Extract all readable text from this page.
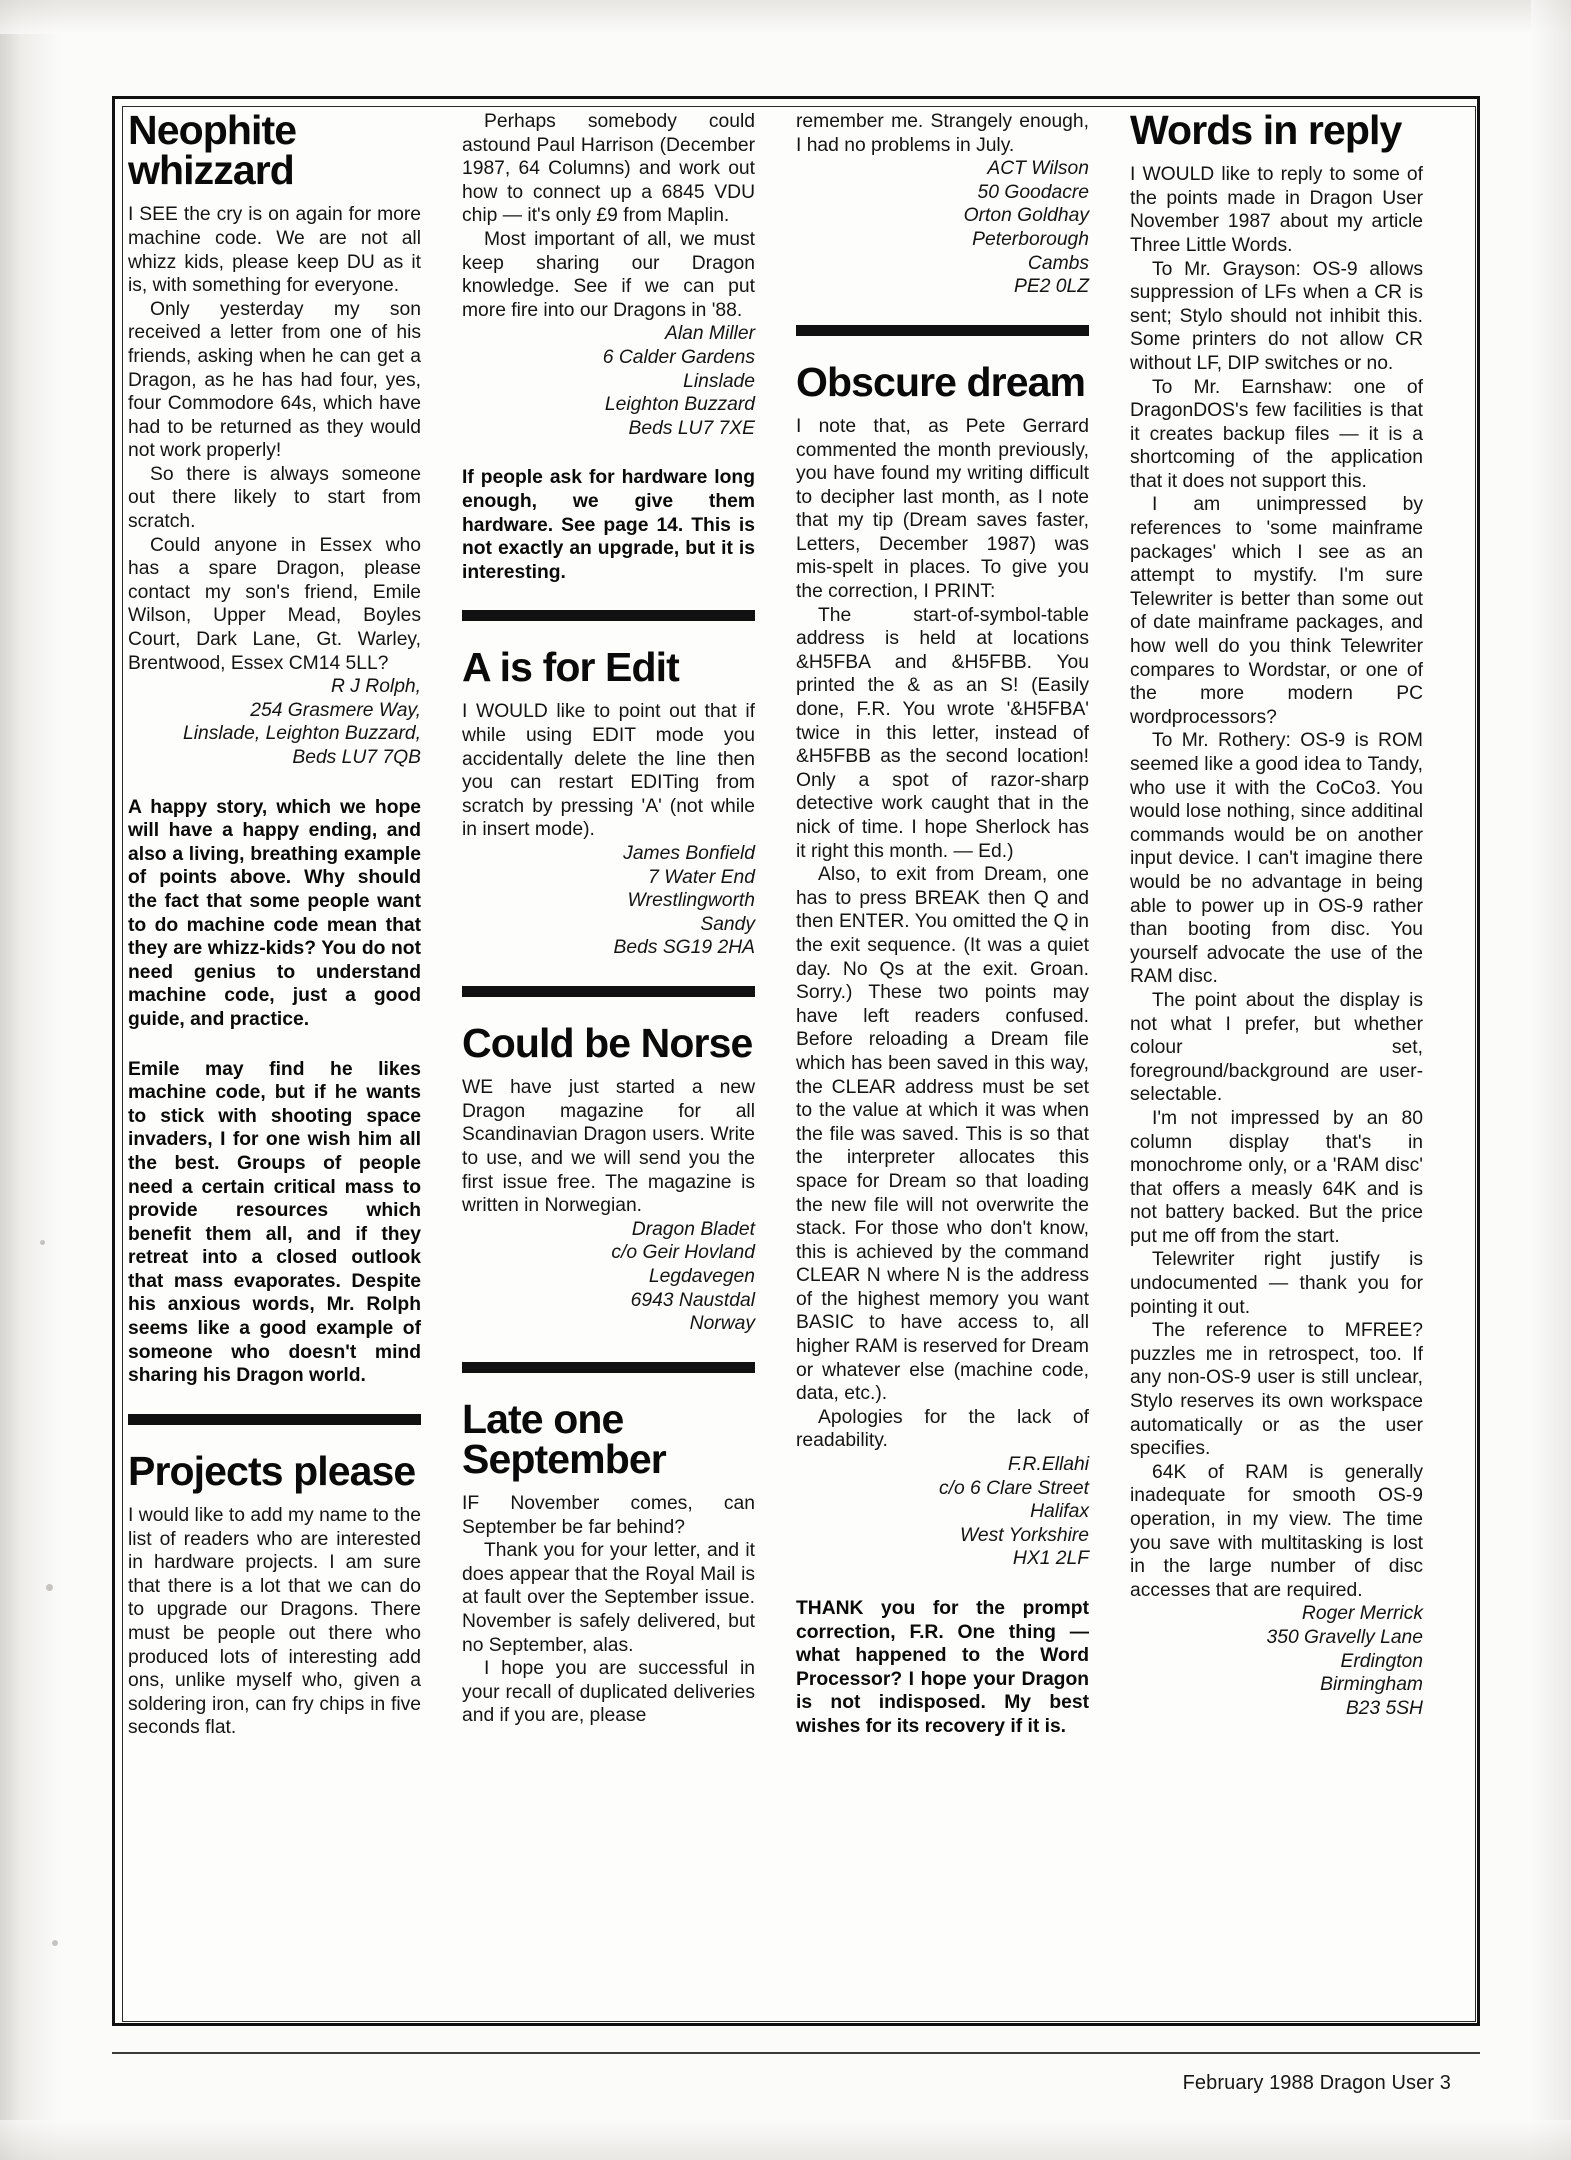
Neophite whizzard

I SEE the cry is on again for more machine code. We are not all whizz kids, please keep DU as it is, with something for everyone.

Only yesterday my son received a letter from one of his friends, asking when he can get a Dragon, as he has had four, yes, four Commodore 64s, which have had to be returned as they would not work properly!

So there is always someone out there likely to start from scratch.

Could anyone in Essex who has a spare Dragon, please contact my son's friend, Emile Wilson, Upper Mead, Boyles Court, Dark Lane, Gt. Warley, Brentwood, Essex CM14 5LL?

R J Rolph,
254 Grasmere Way,
Linslade, Leighton Buzzard,
Beds LU7 7QB

A happy story, which we hope will have a happy ending, and also a living, breathing example of points above. Why should the fact that some people want to do machine code mean that they are whizz-kids? You do not need genius to understand machine code, just a good guide, and practice.

Emile may find he likes machine code, but if he wants to stick with shooting space invaders, I for one wish him all the best. Groups of people need a certain critical mass to provide resources which benefit them all, and if they retreat into a closed outlook that mass evaporates. Despite his anxious words, Mr. Rolph seems like a good example of someone who doesn't mind sharing his Dragon world.

Projects please

I would like to add my name to the list of readers who are interested in hardware projects. I am sure that there is a lot that we can do to upgrade our Dragons. There must be people out there who produced lots of interesting add ons, unlike myself who, given a soldering iron, can fry chips in five seconds flat.

Perhaps somebody could astound Paul Harrison (December 1987, 64 Columns) and work out how to connect up a 6845 VDU chip — it's only £9 from Maplin.

Most important of all, we must keep sharing our Dragon knowledge. See if we can put more fire into our Dragons in '88.

Alan Miller
6 Calder Gardens
Linslade
Leighton Buzzard
Beds LU7 7XE

If people ask for hardware long enough, we give them hardware. See page 14. This is not exactly an upgrade, but it is interesting.

A is for Edit

I WOULD like to point out that if while using EDIT mode you accidentally delete the line then you can restart EDITing from scratch by pressing 'A' (not while in insert mode).

James Bonfield
7 Water End
Wrestlingworth
Sandy
Beds SG19 2HA
Could be Norse

WE have just started a new Dragon magazine for all Scandinavian Dragon users. Write to use, and we will send you the first issue free. The magazine is written in Norwegian.

Dragon Bladet
c/o Geir Hovland
Legdavegen
6943 Naustdal
Norway
Late one September

IF November comes, can September be far behind?

Thank you for your letter, and it does appear that the Royal Mail is at fault over the September issue. November is safely delivered, but no September, alas.

I hope you are successful in your recall of duplicated deliveries and if you are, please

remember me. Strangely enough, I had no problems in July.

ACT Wilson
50 Goodacre
Orton Goldhay
Peterborough
Cambs
PE2 0LZ
Obscure dream

I note that, as Pete Gerrard commented the month previously, you have found my writing difficult to decipher last month, as I note that my tip (Dream saves faster, Letters, December 1987) was mis-spelt in places. To give you the correction, I PRINT:

The start-of-symbol-table address is held at locations &H5FBA and &H5FBB. You printed the & as an S! (Easily done, F.R. You wrote '&H5FBA' twice in this letter, instead of &H5FBB as the second location! Only a spot of razor-sharp detective work caught that in the nick of time. I hope Sherlock has it right this month. — Ed.)

Also, to exit from Dream, one has to press BREAK then Q and then ENTER. You omitted the Q in the exit sequence. (It was a quiet day. No Qs at the exit. Groan. Sorry.) These two points may have left readers confused. Before reloading a Dream file which has been saved in this way, the CLEAR address must be set to the value at which it was when the file was saved. This is so that the interpreter allocates this space for Dream so that loading the new file will not overwrite the stack. For those who don't know, this is achieved by the command CLEAR N where N is the address of the highest memory you want BASIC to have access to, all higher RAM is reserved for Dream or whatever else (machine code, data, etc.).

Apologies for the lack of readability.

F.R.Ellahi
c/o 6 Clare Street
Halifax
West Yorkshire
HX1 2LF

THANK you for the prompt correction, F.R. One thing — what happened to the Word Processor? I hope your Dragon is not indisposed. My best wishes for its recovery if it is.

Words in reply

I WOULD like to reply to some of the points made in Dragon User November 1987 about my article Three Little Words.

To Mr. Grayson: OS-9 allows suppression of LFs when a CR is sent; Stylo should not inhibit this. Some printers do not allow CR without LF, DIP switches or no.

To Mr. Earnshaw: one of DragonDOS's few facilities is that it creates backup files — it is a shortcoming of the application that it does not support this.

I am unimpressed by references to 'some mainframe packages' which I see as an attempt to mystify. I'm sure Telewriter is better than some out of date mainframe packages, and how well do you think Telewriter compares to Wordstar, or one of the more modern PC wordprocessors?

To Mr. Rothery: OS-9 is ROM seemed like a good idea to Tandy, who use it with the CoCo3. You would lose nothing, since additinal commands would be on another input device. I can't imagine there would be no advantage in being able to power up in OS-9 rather than booting from disc. You yourself advocate the use of the RAM disc.

The point about the display is not what I prefer, but whether colour set, foreground/background are user-selectable.

I'm not impressed by an 80 column display that's in monochrome only, or a 'RAM disc' that offers a measly 64K and is not battery backed. But the price put me off from the start.

Telewriter right justify is undocumented — thank you for pointing it out.

The reference to MFREE? puzzles me in retrospect, too. If any non-OS-9 user is still unclear, Stylo reserves its own workspace automatically or as the user specifies.

64K of RAM is generally inadequate for smooth OS-9 operation, in my view. The time you save with multitasking is lost in the large number of disc accesses that are required.

Roger Merrick
350 Gravelly Lane
Erdington
Birmingham
B23 5SH
February 1988 Dragon User 3
